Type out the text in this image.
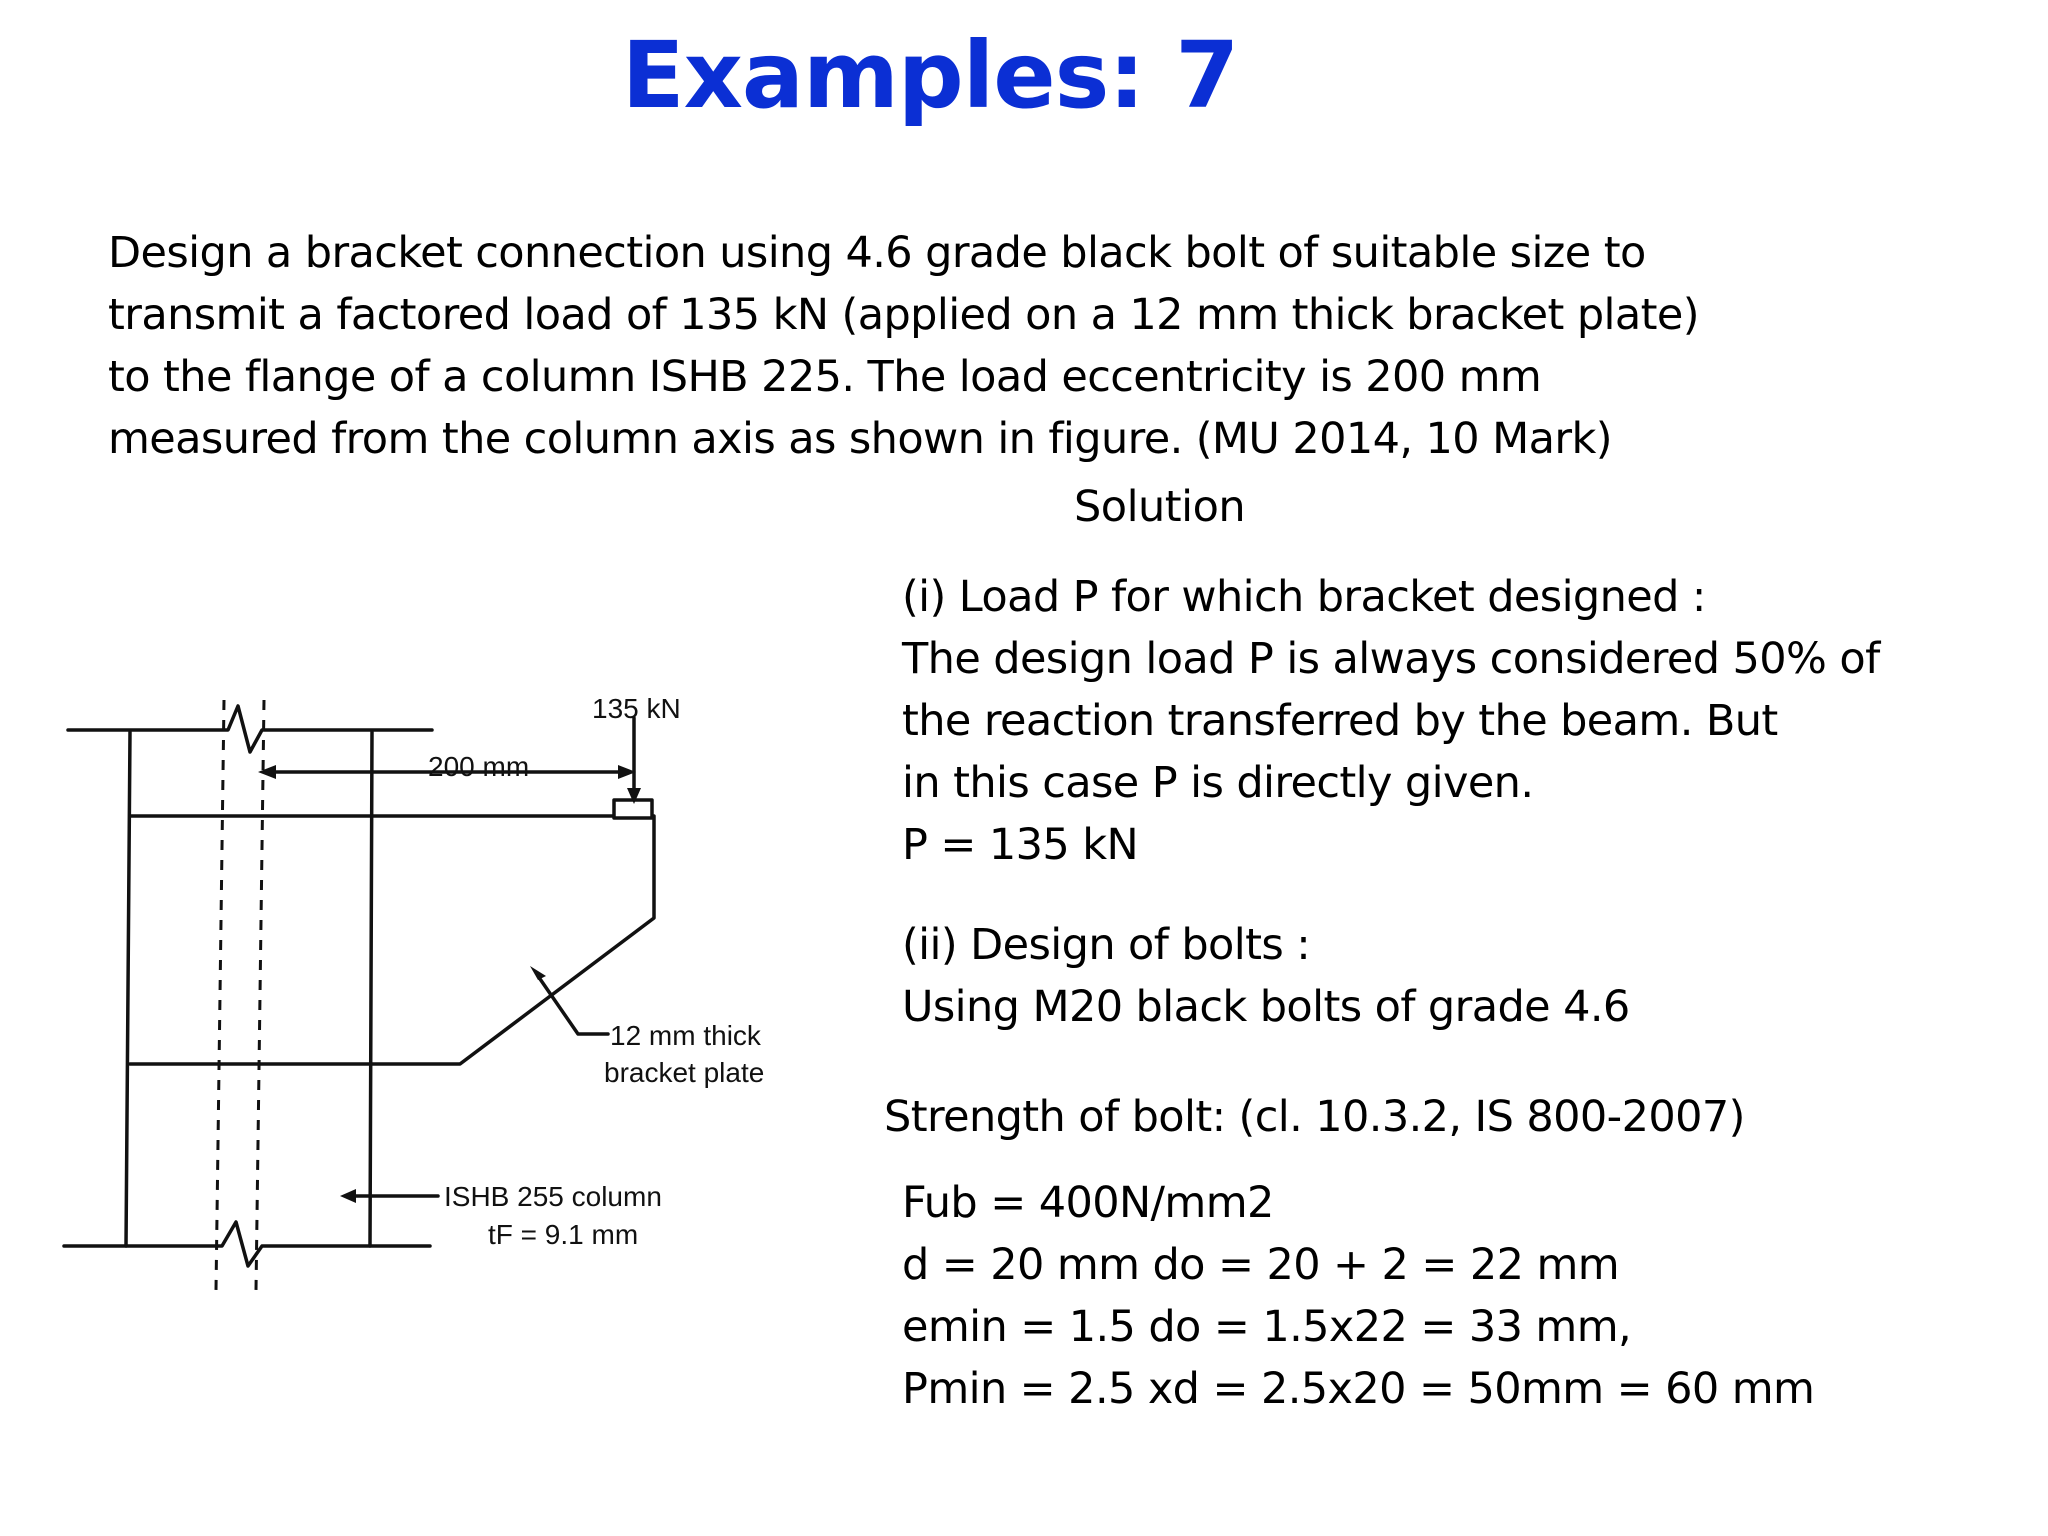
Examples: 7
Design a bracket connection using 4.6 grade black bolt of suitable size to
transmit a factored load of 135 kN (applied on a 12 mm thick bracket plate)
to the flange of a column ISHB 225. The load eccentricity is 200 mm
measured from the column axis as shown in figure. (MU 2014, 10 Mark)
Solution
(i) Load P for which bracket designed :
The design load P is always considered 50% of
the reaction transferred by the beam. But
in this case P is directly given.
P = 135 kN
(ii) Design of bolts :
Using M20 black bolts of grade 4.6
Strength of bolt: (cl. 10.3.2, IS 800-2007)
Fub = 400N/mm2
d = 20 mm do = 20 + 2 = 22 mm
emin = 1.5 do = 1.5x22 = 33 mm,
Pmin = 2.5 xd = 2.5x20 = 50mm = 60 mm
135 kN
200 mm
12 mm thick
bracket plate
ISHB 255 column
tF = 9.1 mm
